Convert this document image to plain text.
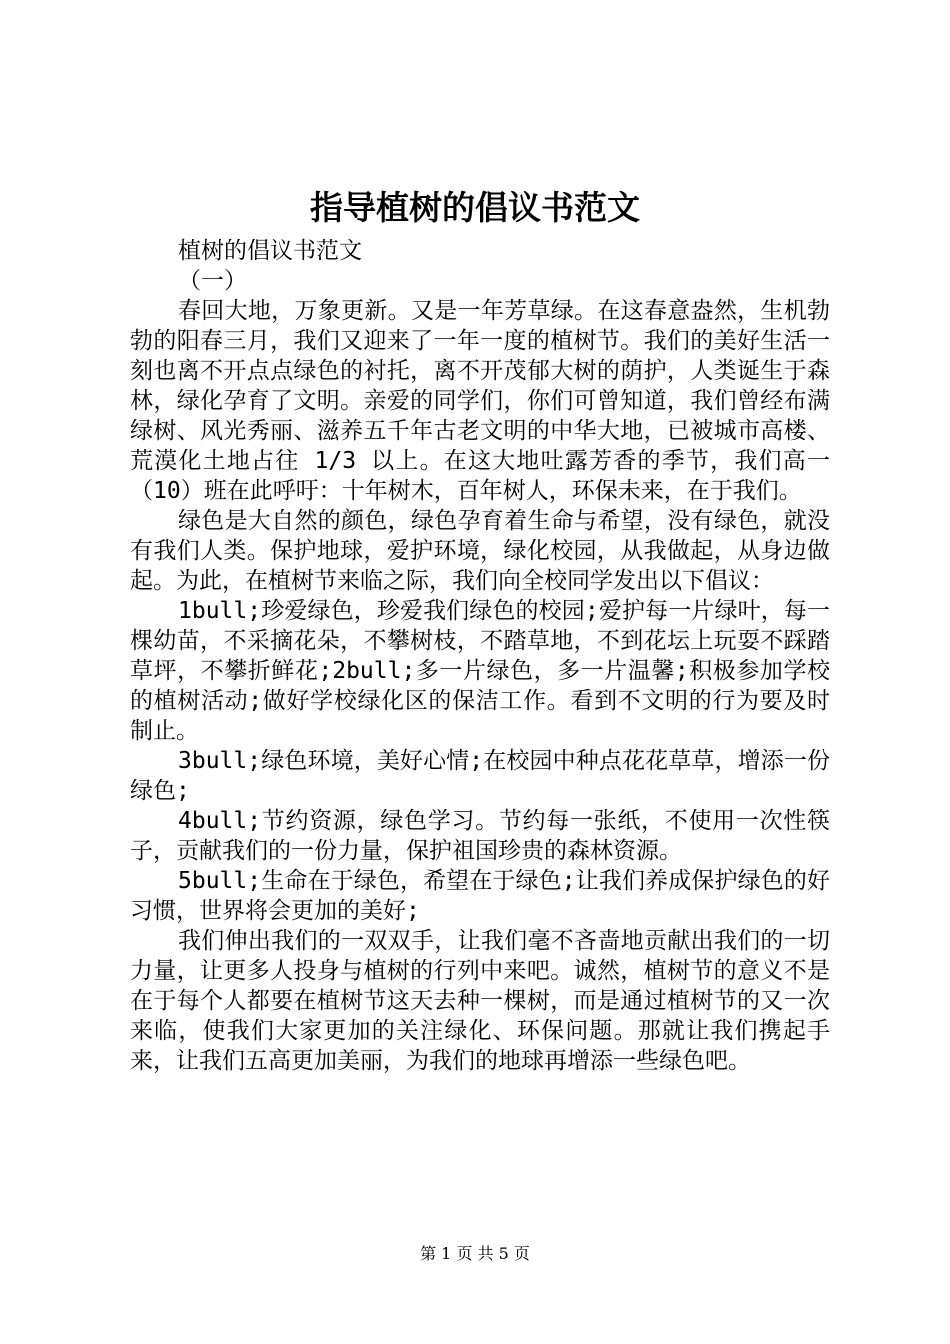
指导植树的倡议书范文

植树的倡议书范文

（一）

春回大地，万象更新。又是一年芳草绿。在这春意盎然，生机勃勃的阳春三月，我们又迎来了一年一度的植树节。我们的美好生活一刻也离不开点点绿色的衬托，离不开茂郁大树的荫护，人类诞生于森林，绿化孕育了文明。亲爱的同学们，你们可曾知道，我们曾经布满绿树、风光秀丽、滋养五千年古老文明的中华大地，已被城市高楼、荒漠化土地占往 1/3 以上。在这大地吐露芳香的季节，我们高一（10）班在此呼吁：十年树木，百年树人，环保未来，在于我们。

绿色是大自然的颜色，绿色孕育着生命与希望，没有绿色，就没有我们人类。保护地球，爱护环境，绿化校园，从我做起，从身边做起。为此，在植树节来临之际，我们向全校同学发出以下倡议：

1bull;珍爱绿色，珍爱我们绿色的校园;爱护每一片绿叶，每一棵幼苗，不采摘花朵，不攀树枝，不踏草地，不到花坛上玩耍不踩踏草坪，不攀折鲜花;2bull;多一片绿色，多一片温馨;积极参加学校的植树活动;做好学校绿化区的保洁工作。看到不文明的行为要及时制止。

3bull;绿色环境，美好心情;在校园中种点花花草草，增添一份绿色;

4bull;节约资源，绿色学习。节约每一张纸，不使用一次性筷子，贡献我们的一份力量，保护祖国珍贵的森林资源。

5bull;生命在于绿色，希望在于绿色;让我们养成保护绿色的好习惯，世界将会更加的美好;

我们伸出我们的一双双手，让我们毫不吝啬地贡献出我们的一切力量，让更多人投身与植树的行列中来吧。诚然，植树节的意义不是在于每个人都要在植树节这天去种一棵树，而是通过植树节的又一次来临，使我们大家更加的关注绿化、环保问题。那就让我们携起手来，让我们五高更加美丽，为我们的地球再增添一些绿色吧。

第 1 页 共 5 页
